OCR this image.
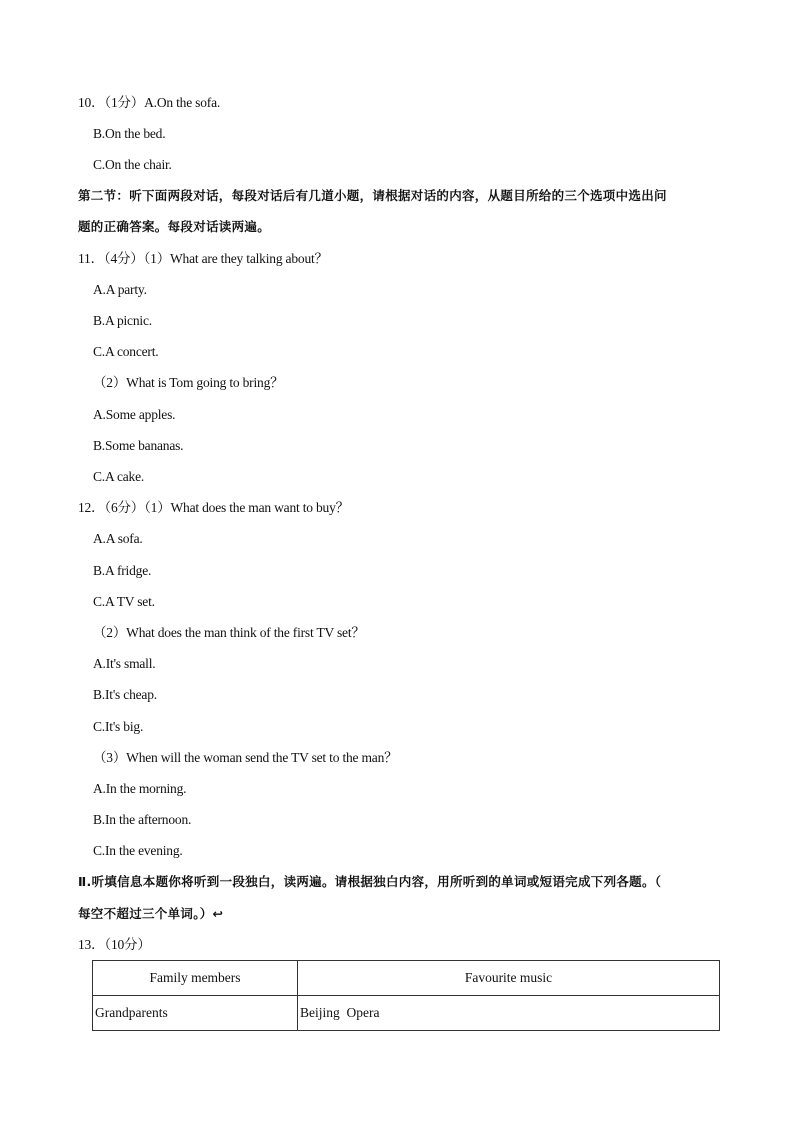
10．（1分）A.On the sofa.
B.On the bed.
C.On the chair.
第二节：听下面两段对话，每段对话后有几道小题，请根据对话的内容，从题目所给的三个选项中选出问
题的正确答案。每段对话读两遍。
11．（4分）（1）What are they talking about？
A.A party.
B.A picnic.
C.A concert.
（2）What is Tom going to bring？
A.Some apples.
B.Some bananas.
C.A cake.
12．（6分）（1）What does the man want to buy？
A.A sofa.
B.A fridge.
C.A TV set.
（2）What does the man think of the first TV set？
A.It's small.
B.It's cheap.
C.It's big.
（3）When will the woman send the TV set to the man？
A.In the morning.
B.In the afternoon.
C.In the evening.
Ⅱ.听填信息本题你将听到一段独白，读两遍。请根据独白内容，用所听到的单词或短语完成下列各题。（
每空不超过三个单词。）↩
13．（10分）
Family members	Favourite music
Grandparents	Beijing  Opera
